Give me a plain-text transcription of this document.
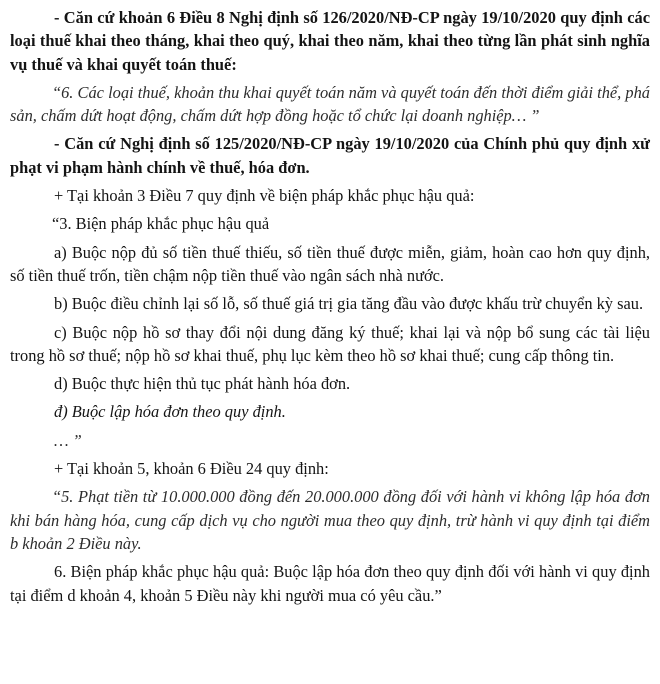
- Căn cứ khoản 6 Điều 8 Nghị định số 126/2020/NĐ-CP ngày 19/10/2020 quy định các loại thuế khai theo tháng, khai theo quý, khai theo năm, khai theo từng lần phát sinh nghĩa vụ thuế và khai quyết toán thuế:

“6. Các loại thuế, khoản thu khai quyết toán năm và quyết toán đến thời điểm giải thể, phá sản, chấm dứt hoạt động, chấm dứt hợp đồng hoặc tổ chức lại doanh nghiệp… ”

- Căn cứ Nghị định số 125/2020/NĐ-CP ngày 19/10/2020 của Chính phủ quy định xử phạt vi phạm hành chính về thuế, hóa đơn.

+ Tại khoản 3 Điều 7 quy định về biện pháp khắc phục hậu quả:

“3. Biện pháp khắc phục hậu quả

a) Buộc nộp đủ số tiền thuế thiếu, số tiền thuế được miễn, giảm, hoàn cao hơn quy định, số tiền thuế trốn, tiền chậm nộp tiền thuế vào ngân sách nhà nước.

b) Buộc điều chỉnh lại số lỗ, số thuế giá trị gia tăng đầu vào được khấu trừ chuyển kỳ sau.

c) Buộc nộp hồ sơ thay đổi nội dung đăng ký thuế; khai lại và nộp bổ sung các tài liệu trong hồ sơ thuế; nộp hồ sơ khai thuế, phụ lục kèm theo hồ sơ khai thuế; cung cấp thông tin.

d) Buộc thực hiện thủ tục phát hành hóa đơn.

đ) Buộc lập hóa đơn theo quy định.

… ”

+ Tại khoản 5, khoản 6 Điều 24 quy định:

“5. Phạt tiền từ 10.000.000 đồng đến 20.000.000 đồng đối với hành vi không lập hóa đơn khi bán hàng hóa, cung cấp dịch vụ cho người mua theo quy định, trừ hành vi quy định tại điểm b khoản 2 Điều này.

6. Biện pháp khắc phục hậu quả: Buộc lập hóa đơn theo quy định đối với hành vi quy định tại điểm d khoản 4, khoản 5 Điều này khi người mua có yêu cầu.”
